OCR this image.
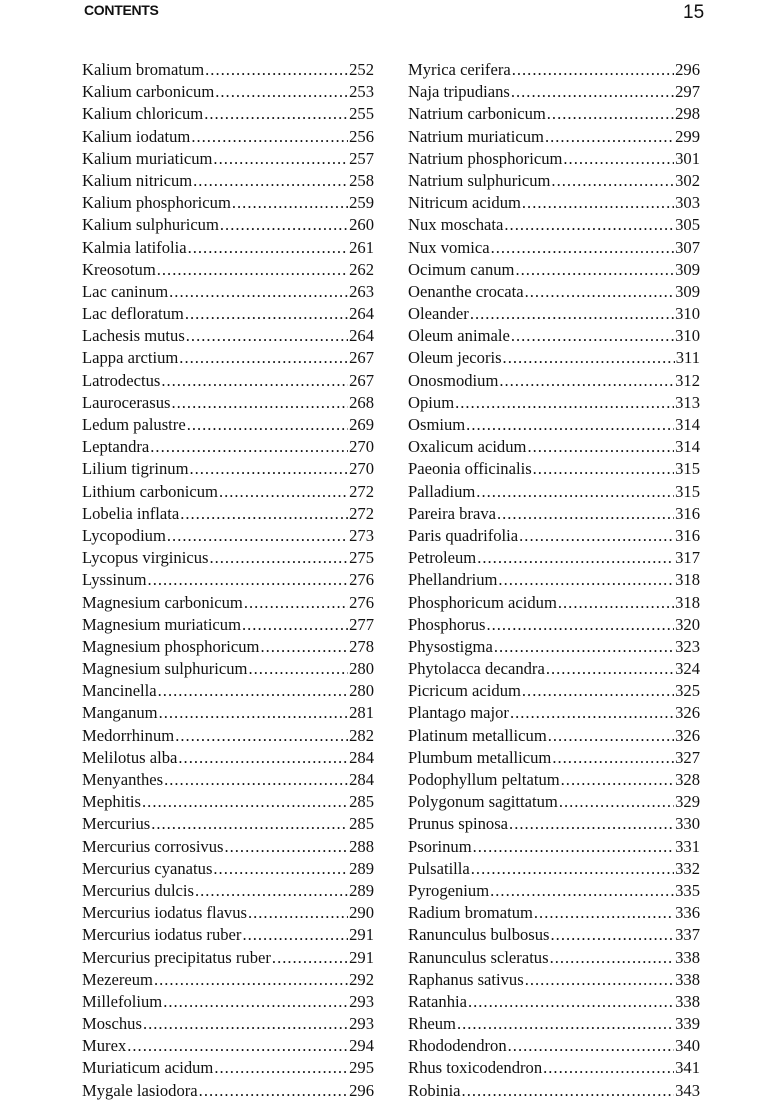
CONTENTS	15
Kalium bromatum .....	252
Kalium carbonicum .....	253
Kalium chloricum .....	255
Kalium iodatum .....	256
Kalium muriaticum .....	257
Kalium nitricum .....	258
Kalium phosphoricum .....	259
Kalium sulphuricum .....	260
Kalmia latifolia .....	261
Kreosotum .....	262
Lac caninum .....	263
Lac defloratum .....	264
Lachesis mutus .....	264
Lappa arctium .....	267
Latrodectus .....	267
Laurocerasus .....	268
Ledum palustre .....	269
Leptandra .....	270
Lilium tigrinum .....	270
Lithium carbonicum .....	272
Lobelia inflata .....	272
Lycopodium .....	273
Lycopus virginicus .....	275
Lyssinum .....	276
Magnesium carbonicum .....	276
Magnesium muriaticum .....	277
Magnesium phosphoricum .....	278
Magnesium sulphuricum .....	280
Mancinella .....	280
Manganum .....	281
Medorrhinum .....	282
Melilotus alba .....	284
Menyanthes .....	284
Mephitis .....	285
Mercurius .....	285
Mercurius corrosivus .....	288
Mercurius cyanatus .....	289
Mercurius dulcis .....	289
Mercurius iodatus flavus .....	290
Mercurius iodatus ruber .....	291
Mercurius precipitatus ruber .....	291
Mezereum .....	292
Millefolium .....	293
Moschus .....	293
Murex .....	294
Muriaticum acidum .....	295
Mygale lasiodora .....	296
Myrica cerifera .....	296
Naja tripudians .....	297
Natrium carbonicum .....	298
Natrium muriaticum .....	299
Natrium phosphoricum .....	301
Natrium sulphuricum .....	302
Nitricum acidum .....	303
Nux moschata .....	305
Nux vomica .....	307
Ocimum canum .....	309
Oenanthe crocata .....	309
Oleander .....	310
Oleum animale .....	310
Oleum jecoris .....	311
Onosmodium .....	312
Opium .....	313
Osmium .....	314
Oxalicum acidum .....	314
Paeonia officinalis .....	315
Palladium .....	315
Pareira brava .....	316
Paris quadrifolia .....	316
Petroleum .....	317
Phellandrium .....	318
Phosphoricum acidum .....	318
Phosphorus .....	320
Physostigma .....	323
Phytolacca decandra .....	324
Picricum acidum .....	325
Plantago major .....	326
Platinum metallicum .....	326
Plumbum metallicum .....	327
Podophyllum peltatum .....	328
Polygonum sagittatum .....	329
Prunus spinosa .....	330
Psorinum .....	331
Pulsatilla .....	332
Pyrogenium .....	335
Radium bromatum .....	336
Ranunculus bulbosus .....	337
Ranunculus scleratus .....	338
Raphanus sativus .....	338
Ratanhia .....	338
Rheum .....	339
Rhododendron .....	340
Rhus toxicodendron .....	341
Robinia .....	343
